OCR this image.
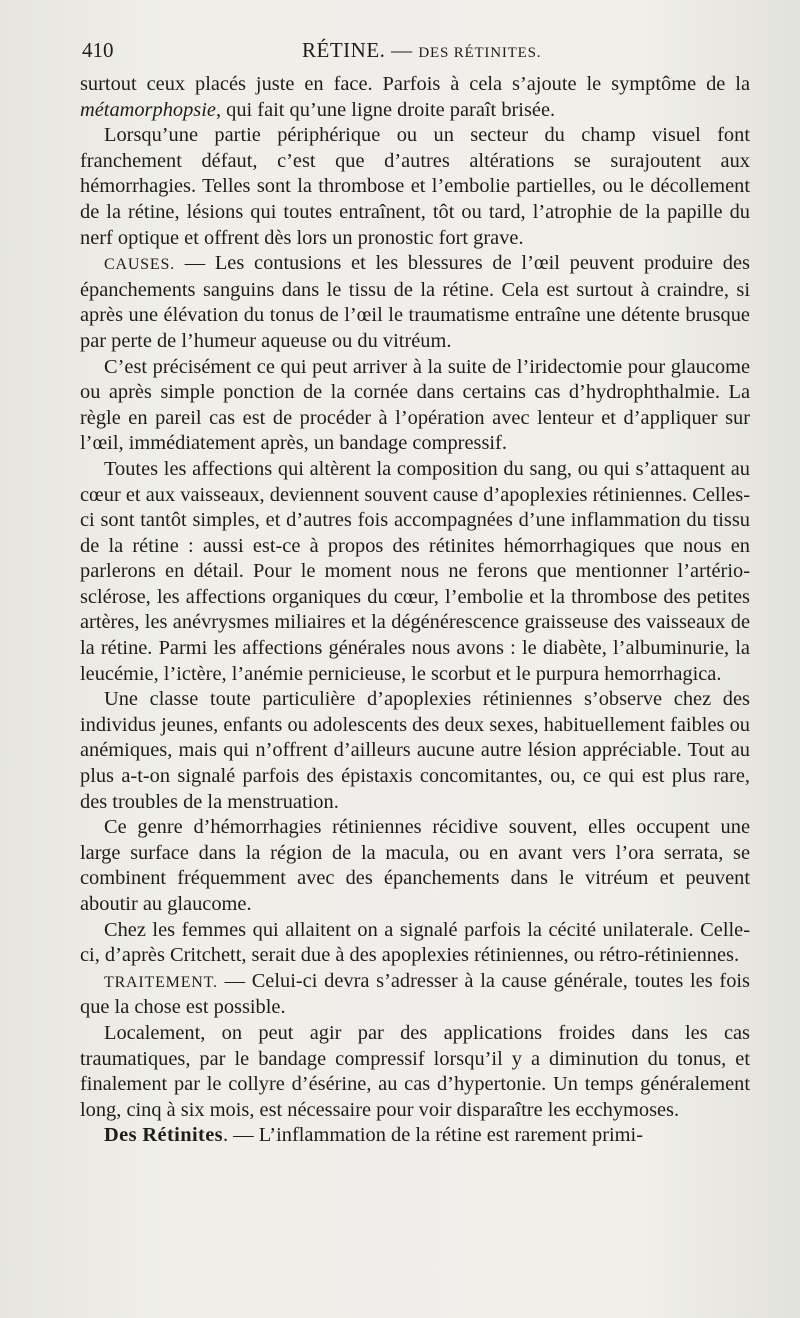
410	RÉTINE. — DES RÉTINITES.

surtout ceux placés juste en face. Parfois à cela s’ajoute le symptôme de la métamorphopsie, qui fait qu’une ligne droite paraît brisée.

Lorsqu’une partie périphérique ou un secteur du champ visuel font franchement défaut, c’est que d’autres altérations se surajoutent aux hémorrhagies. Telles sont la thrombose et l’embolie partielles, ou le décollement de la rétine, lésions qui toutes entraînent, tôt ou tard, l’atrophie de la papille du nerf optique et offrent dès lors un pronostic fort grave.

CAUSES. — Les contusions et les blessures de l’œil peuvent produire des épanchements sanguins dans le tissu de la rétine. Cela est surtout à craindre, si après une élévation du tonus de l’œil le traumatisme entraîne une détente brusque par perte de l’humeur aqueuse ou du vitréum.

C’est précisément ce qui peut arriver à la suite de l’iridectomie pour glaucome ou après simple ponction de la cornée dans certains cas d’hydrophthalmie. La règle en pareil cas est de procéder à l’opération avec lenteur et d’appliquer sur l’œil, immédiatement après, un bandage compressif.

Toutes les affections qui altèrent la composition du sang, ou qui s’attaquent au cœur et aux vaisseaux, deviennent souvent cause d’apoplexies rétiniennes. Celles-ci sont tantôt simples, et d’autres fois accompagnées d’une inflammation du tissu de la rétine : aussi est-ce à propos des rétinites hémorrhagiques que nous en parlerons en détail. Pour le moment nous ne ferons que mentionner l’artério-sclérose, les affections organiques du cœur, l’embolie et la thrombose des petites artères, les anévrysmes miliaires et la dégénérescence graisseuse des vaisseaux de la rétine. Parmi les affections générales nous avons : le diabète, l’albuminurie, la leucémie, l’ictère, l’anémie pernicieuse, le scorbut et le purpura hemorrhagica.

Une classe toute particulière d’apoplexies rétiniennes s’observe chez des individus jeunes, enfants ou adolescents des deux sexes, habituellement faibles ou anémiques, mais qui n’offrent d’ailleurs aucune autre lésion appréciable. Tout au plus a-t-on signalé parfois des épistaxis concomitantes, ou, ce qui est plus rare, des troubles de la menstruation.

Ce genre d’hémorrhagies rétiniennes récidive souvent, elles occupent une large surface dans la région de la macula, ou en avant vers l’ora serrata, se combinent fréquemment avec des épanchements dans le vitréum et peuvent aboutir au glaucome.

Chez les femmes qui allaitent on a signalé parfois la cécité unilaterale. Celle-ci, d’après Critchett, serait due à des apoplexies rétiniennes, ou rétro-rétiniennes.

TRAITEMENT. — Celui-ci devra s’adresser à la cause générale, toutes les fois que la chose est possible.

Localement, on peut agir par des applications froides dans les cas traumatiques, par le bandage compressif lorsqu’il y a diminution du tonus, et finalement par le collyre d’ésérine, au cas d’hypertonie. Un temps généralement long, cinq à six mois, est nécessaire pour voir disparaître les ecchymoses.

Des Rétinites. — L’inflammation de la rétine est rarement primi-
